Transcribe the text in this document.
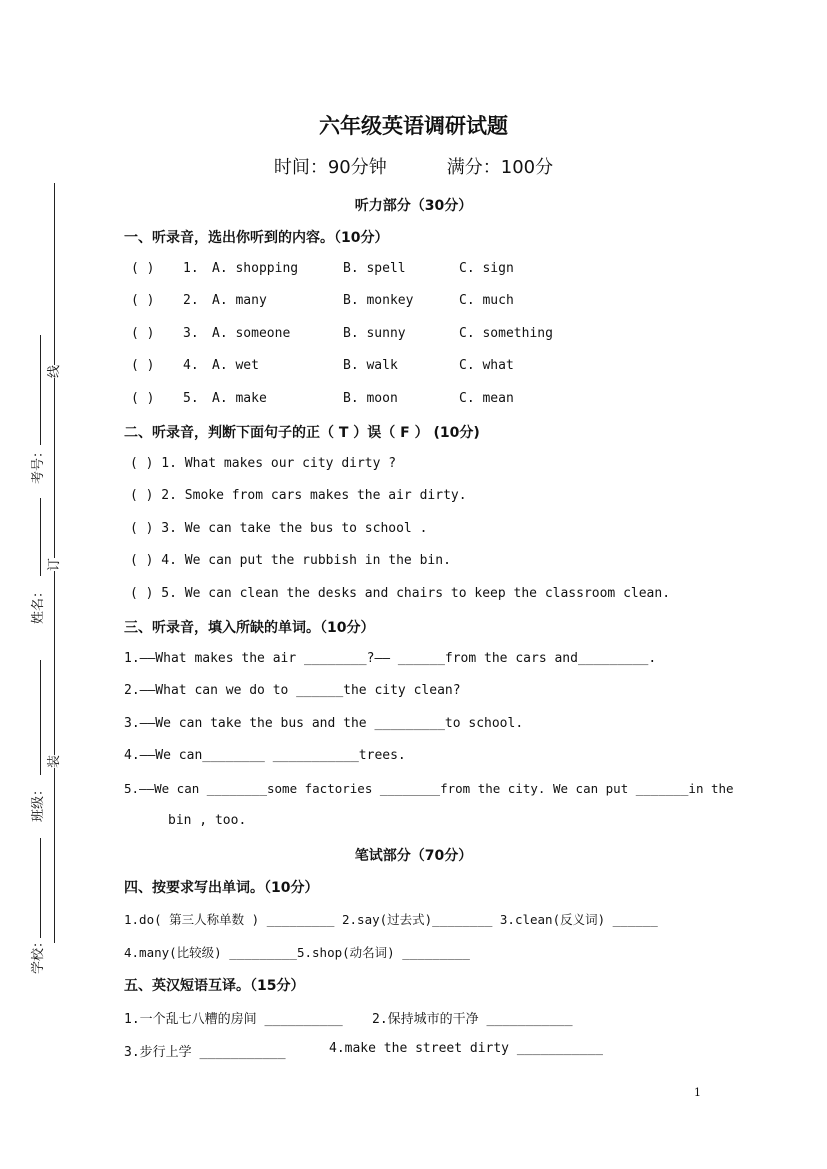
六年级英语调研试题
时间：90分钟	满分：100分
听力部分（30分）
一、听录音，选出你听到的内容。（10分）
( ) 1. A. shopping	B. spell	C. sign
( ) 2. A. many	B. monkey	C. much
( ) 3. A. someone	B. sunny	C. something
( ) 4. A. wet	B. walk	C. what
( ) 5. A. make	B. moon	C. mean
二、听录音，判断下面句子的正（ T ）误（ F ） (10分)
( ) 1. What makes our city dirty ?
( ) 2. Smoke from cars makes the air dirty.
( ) 3. We can take the bus to school .
( ) 4. We can put the rubbish in the bin.
( ) 5. We can clean the desks and chairs to keep the classroom clean.
三、听录音，填入所缺的单词。（10分）
1.——What makes the air ________?—— ______from the cars and_________.
2.——What can we do to ______the city clean?
3.——We can take the bus and the _________to school.
4.——We can________ ___________trees.
5.——We can ________some factories ________from the city. We can put _______in the
bin , too.
笔试部分（70分）
四、按要求写出单词。（10分）
1.do( 第三人称单数 ) _________ 2.say(过去式)________ 3.clean(反义词) ______
4.many(比较级) _________5.shop(动名词) _________
五、英汉短语互译。（15分）
1.一个乱七八糟的房间 __________ 2.保持城市的干净 ___________
3.步行上学 ___________	4.make the street dirty ___________
线
考号：
订
姓名：
装
班级：
学校：
1
